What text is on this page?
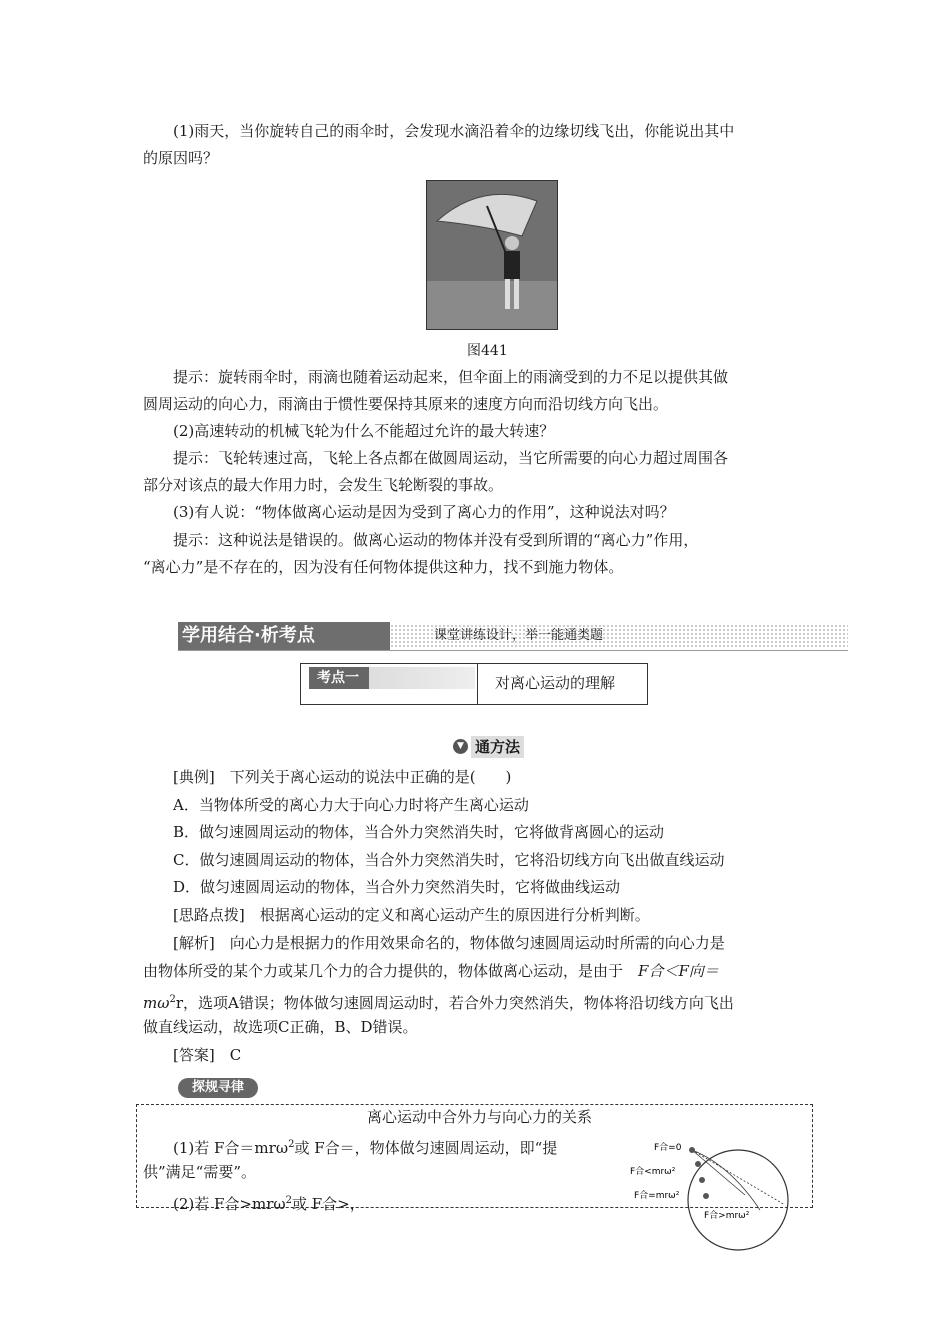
(1)雨天，当你旋转自己的雨伞时，会发现水滴沿着伞的边缘切线飞出，你能说出其中
的原因吗？
图441
提示：旋转雨伞时，雨滴也随着运动起来，但伞面上的雨滴受到的力不足以提供其做
圆周运动的向心力，雨滴由于惯性要保持其原来的速度方向而沿切线方向飞出。
(2)高速转动的机械飞轮为什么不能超过允许的最大转速？
提示：飞轮转速过高，飞轮上各点都在做圆周运动，当它所需要的向心力超过周围各
部分对该点的最大作用力时，会发生飞轮断裂的事故。
(3)有人说：“物体做离心运动是因为受到了离心力的作用”，这种说法对吗？
提示：这种说法是错误的。做离心运动的物体并没有受到所谓的“离心力”作用，
“离心力”是不存在的，因为没有任何物体提供这种力，找不到施力物体。
学用结合·析考点	课堂讲练设计，举一能通类题
考点一	对离心运动的理解
▼ 通方法
[典例]　下列关于离心运动的说法中正确的是(　　)
A．当物体所受的离心力大于向心力时将产生离心运动
B．做匀速圆周运动的物体，当合外力突然消失时，它将做背离圆心的运动
C．做匀速圆周运动的物体，当合外力突然消失时，它将沿切线方向飞出做直线运动
D．做匀速圆周运动的物体，当合外力突然消失时，它将做曲线运动
[思路点拨]　根据离心运动的定义和离心运动产生的原因进行分析判断。
[解析]　向心力是根据力的作用效果命名的，物体做匀速圆周运动时所需的向心力是
由物体所受的某个力或某几个力的合力提供的，物体做离心运动，是由于　 F合＜F向＝
$m\omega^2r$，选项A错误；物体做匀速圆周运动时，若合外力突然消失，物体将沿切线方向飞出
做直线运动，故选项C正确，B、D错误。
[答案]　C
探规寻律
离心运动中合外力与向心力的关系
(1)若 F合＝mrω$^2$或 F合＝，物体做匀速圆周运动，即“提
供”满足“需要”。
(2)若 F合>mrω$^2$或 F合>，
F合=0
F合<mrω²
F合=mrω²
F合>mrω²
